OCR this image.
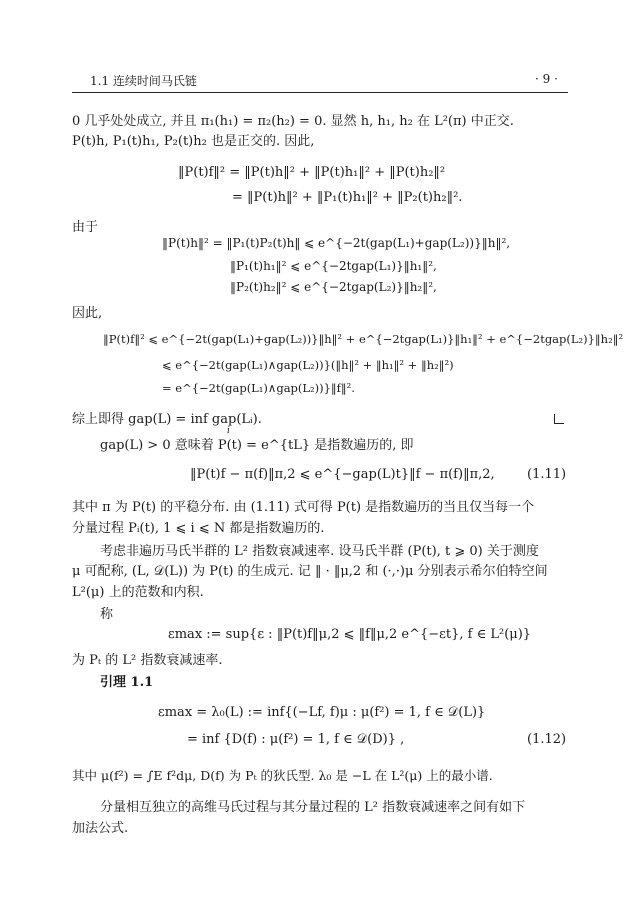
1.1 连续时间马氏链	· 9 ·
0 几乎处处成立, 并且 π₁(h₁) = π₂(h₂) = 0. 显然 h, h₁, h₂ 在 L²(π) 中正交.
P(t)h, P₁(t)h₁, P₂(t)h₂ 也是正交的. 因此,
‖P(t)f‖² = ‖P(t)h‖² + ‖P(t)h₁‖² + ‖P(t)h₂‖²
= ‖P(t)h‖² + ‖P₁(t)h₁‖² + ‖P₂(t)h₂‖².
由于
‖P(t)h‖² = ‖P₁(t)P₂(t)h‖ ⩽ e^{−2t(gap(L₁)+gap(L₂))}‖h‖²,
‖P₁(t)h₁‖² ⩽ e^{−2tgap(L₁)}‖h₁‖²,
‖P₂(t)h₂‖² ⩽ e^{−2tgap(L₂)}‖h₂‖²,
因此,
‖P(t)f‖² ⩽ e^{−2t(gap(L₁)+gap(L₂))}‖h‖² + e^{−2tgap(L₁)}‖h₁‖² + e^{−2tgap(L₂)}‖h₂‖²
⩽ e^{−2t(gap(L₁)∧gap(L₂))}(‖h‖² + ‖h₁‖² + ‖h₂‖²)
= e^{−2t(gap(L₁)∧gap(L₂))}‖f‖².
综上即得 gap(L) = inf gap(Lᵢ).
i
gap(L) > 0 意味着 P(t) = e^{tL} 是指数遍历的, 即
‖P(t)f − π(f)‖π,2 ⩽ e^{−gap(L)t}‖f − π(f)‖π,2, (1.11)
其中 π 为 P(t) 的平稳分布. 由 (1.11) 式可得 P(t) 是指数遍历的当且仅当每一个
分量过程 Pᵢ(t), 1 ⩽ i ⩽ N 都是指数遍历的.
考虑非遍历马氏半群的 L² 指数衰减速率. 设马氏半群 (P(t), t ⩾ 0) 关于测度
μ 可配称, (L, 𝒟(L)) 为 P(t) 的生成元. 记 ‖ · ‖μ,2 和 (·,·)μ 分别表示希尔伯特空间
L²(μ) 上的范数和内积.
称
εmax := sup{ε : ‖P(t)f‖μ,2 ⩽ ‖f‖μ,2 e^{−εt}, f ∈ L²(μ)}
为 Pₜ 的 L² 指数衰减速率.
引理 1.1
εmax = λ₀(L) := inf{(−Lf, f)μ : μ(f²) = 1, f ∈ 𝒟(L)}
= inf {D(f) : μ(f²) = 1, f ∈ 𝒟(D)} ,	(1.12)
其中 μ(f²) = ∫E f²dμ, D(f) 为 Pₜ 的狄氏型. λ₀ 是 −L 在 L²(μ) 上的最小谱.
分量相互独立的高维马氏过程与其分量过程的 L² 指数衰减速率之间有如下
加法公式.
